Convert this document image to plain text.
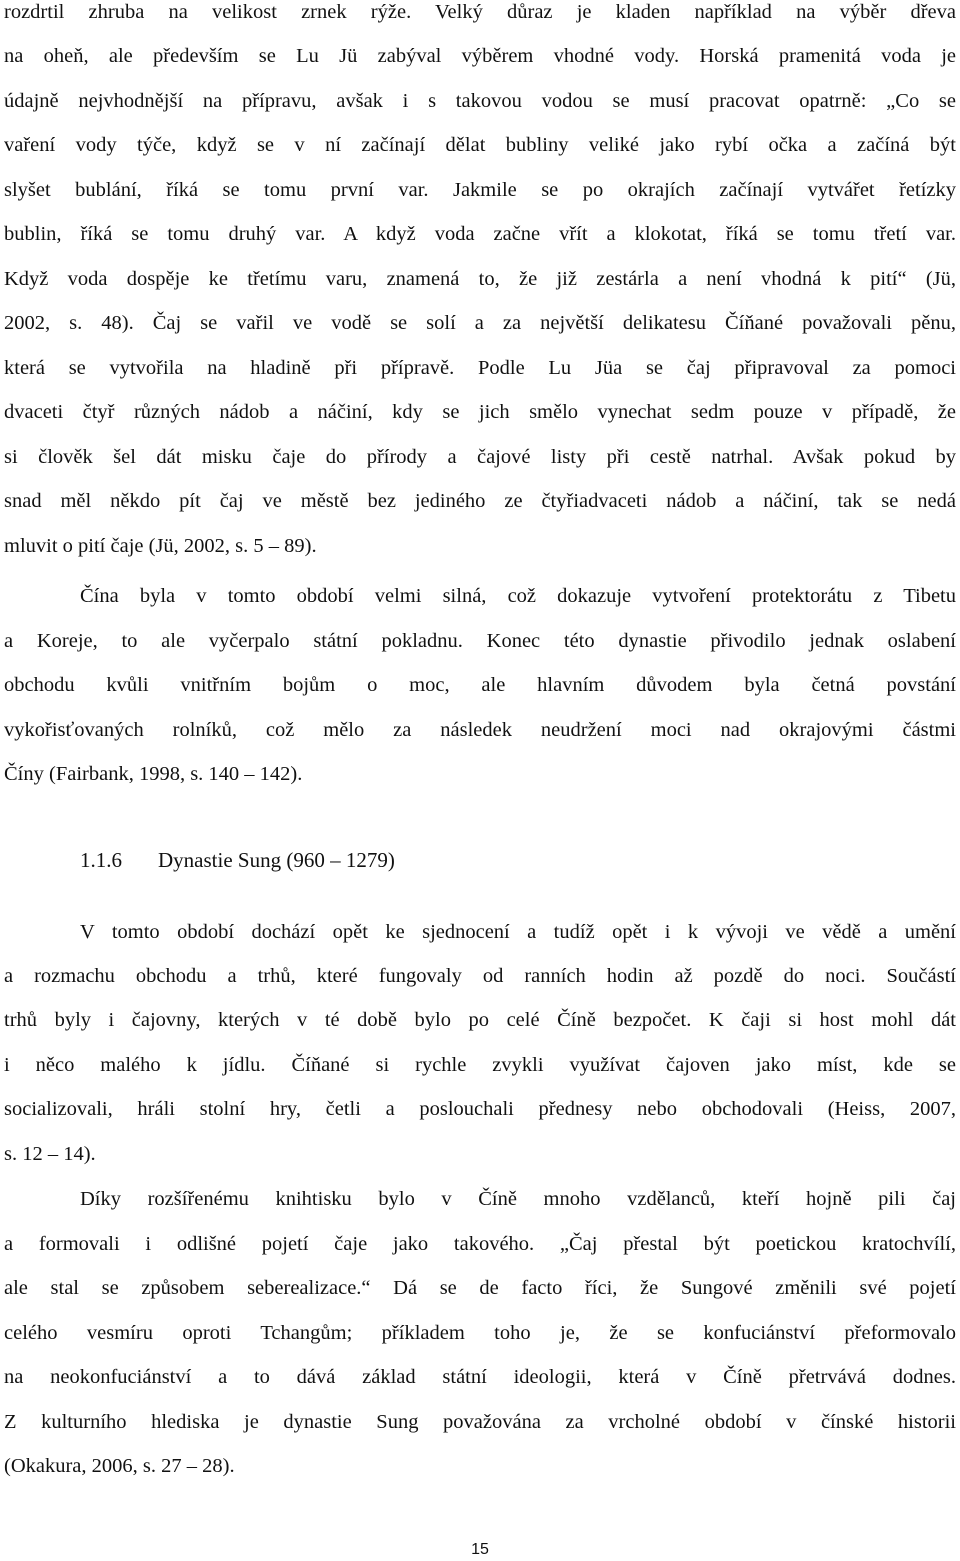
rozdrtil zhruba na velikost zrnek rýže. Velký důraz je kladen například na výběr dřeva
na oheň, ale především se Lu Jü zabýval výběrem vhodné vody. Horská pramenitá voda je
údajně nejvhodnější na přípravu, avšak i s takovou vodou se musí pracovat opatrně: „Co se
vaření vody týče, když se v ní začínají dělat bubliny veliké jako rybí očka a začíná být
slyšet bublání, říká se tomu první var. Jakmile se po okrajích začínají vytvářet řetízky
bublin, říká se tomu druhý var. A když voda začne vřít a klokotat, říká se tomu třetí var.
Když voda dospěje ke třetímu varu, znamená to, že již zestárla a není vhodná k pití“ (Jü,
2002, s. 48). Čaj se vařil ve vodě se solí a za největší delikatesu Číňané považovali pěnu,
která se vytvořila na hladině při přípravě. Podle Lu Jüa se čaj připravoval za pomoci
dvaceti čtyř různých nádob a náčiní, kdy se jich smělo vynechat sedm pouze v případě, že
si člověk šel dát misku čaje do přírody a čajové listy při cestě natrhal. Avšak pokud by
snad měl někdo pít čaj ve městě bez jediného ze čtyřiadvaceti nádob a náčiní, tak se nedá
mluvit o pití čaje (Jü, 2002, s. 5 – 89).
Čína byla v tomto období velmi silná, což dokazuje vytvoření protektorátu z Tibetu
a Koreje, to ale vyčerpalo státní pokladnu. Konec této dynastie přivodilo jednak oslabení
obchodu kvůli vnitřním bojům o moc, ale hlavním důvodem byla četná povstání
vykořisťovaných rolníků, což mělo za následek neudržení moci nad okrajovými částmi
Číny (Fairbank, 1998, s. 140 – 142).
1.1.6 Dynastie Sung (960 – 1279)
V tomto období dochází opět ke sjednocení a tudíž opět i k vývoji ve vědě a umění
a rozmachu obchodu a trhů, které fungovaly od ranních hodin až pozdě do noci. Součástí
trhů byly i čajovny, kterých v té době bylo po celé Číně bezpočet. K čaji si host mohl dát
i něco malého k jídlu. Číňané si rychle zvykli využívat čajoven jako míst, kde se
socializovali, hráli stolní hry, četli a poslouchali přednesy nebo obchodovali (Heiss, 2007,
s. 12 – 14).
Díky rozšířenému knihtisku bylo v Číně mnoho vzdělanců, kteří hojně pili čaj
a formovali i odlišné pojetí čaje jako takového. „Čaj přestal být poetickou kratochvílí,
ale stal se způsobem seberealizace.“ Dá se de facto říci, že Sungové změnili své pojetí
celého vesmíru oproti Tchangům; příkladem toho je, že se konfuciánství přeformovalo
na neokonfuciánství a to dává základ státní ideologii, která v Číně přetrvává dodnes.
Z kulturního hlediska je dynastie Sung považována za vrcholné období v čínské historii
(Okakura, 2006, s. 27 – 28).
15
